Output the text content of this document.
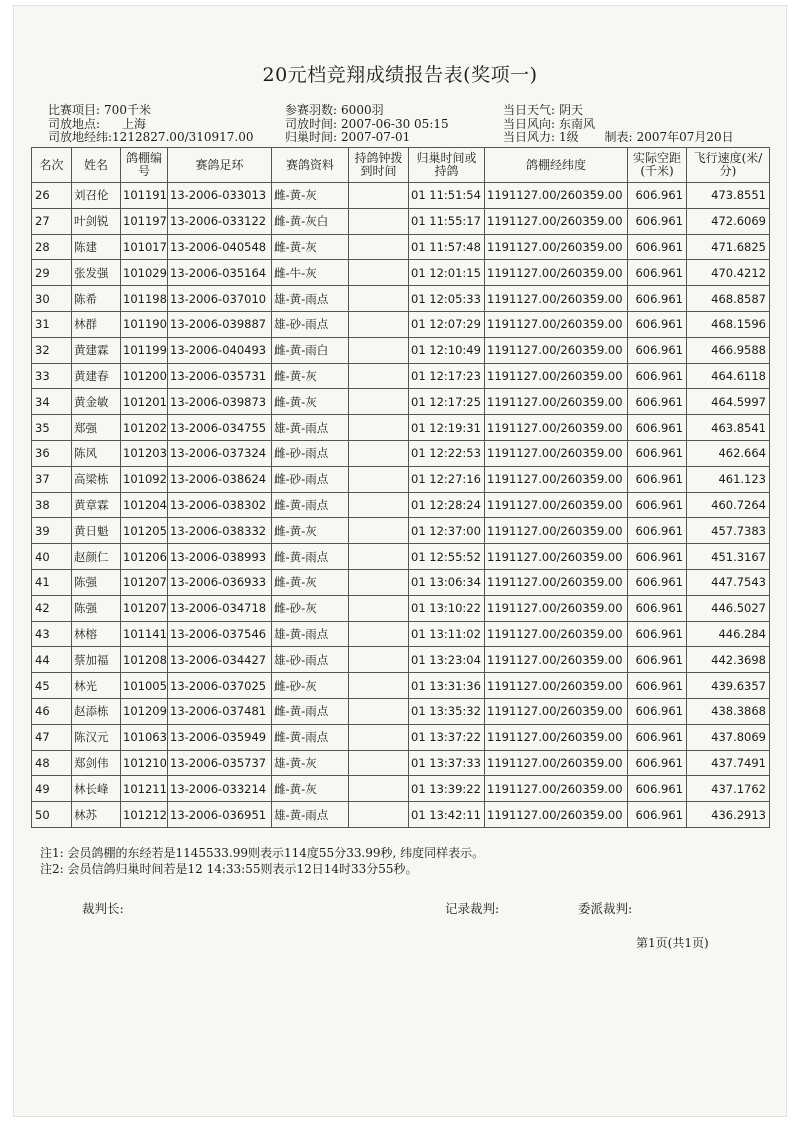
20元档竞翔成绩报告表(奖项一)
比赛项目: 700千米
司放地点: 上海
司放地经纬:1212827.00/310917.00
参赛羽数: 6000羽
司放时间: 2007-06-30 05:15
归巢时间: 2007-07-01
当日天气: 阴天
当日风向: 东南风
当日风力: 1级 制表: 2007年07月20日
名次	姓名	鸽棚编号	赛鸽足环	赛鸽资料	持鸽钟拨到时间	归巢时间或持鸽	鸽棚经纬度	实际空距(千米)	飞行速度(米/分)
26	刘召伦	101191	13-2006-033013	雌-黄-灰		01 11:51:54	1191127.00/260359.00	606.961	473.8551
27	叶剑锐	101197	13-2006-033122	雌-黄-灰白		01 11:55:17	1191127.00/260359.00	606.961	472.6069
28	陈建	101017	13-2006-040548	雌-黄-灰		01 11:57:48	1191127.00/260359.00	606.961	471.6825
29	张发强	101029	13-2006-035164	雌-牛-灰		01 12:01:15	1191127.00/260359.00	606.961	470.4212
30	陈希	101198	13-2006-037010	雄-黄-雨点		01 12:05:33	1191127.00/260359.00	606.961	468.8587
31	林群	101190	13-2006-039887	雄-砂-雨点		01 12:07:29	1191127.00/260359.00	606.961	468.1596
32	黄建霖	101199	13-2006-040493	雌-黄-雨白		01 12:10:49	1191127.00/260359.00	606.961	466.9588
33	黄建春	101200	13-2006-035731	雌-黄-灰		01 12:17:23	1191127.00/260359.00	606.961	464.6118
34	黄金敏	101201	13-2006-039873	雌-黄-灰		01 12:17:25	1191127.00/260359.00	606.961	464.5997
35	郑强	101202	13-2006-034755	雄-黄-雨点		01 12:19:31	1191127.00/260359.00	606.961	463.8541
36	陈风	101203	13-2006-037324	雌-砂-雨点		01 12:22:53	1191127.00/260359.00	606.961	462.664
37	高梁栋	101092	13-2006-038624	雌-砂-雨点		01 12:27:16	1191127.00/260359.00	606.961	461.123
38	黄章霖	101204	13-2006-038302	雌-黄-雨点		01 12:28:24	1191127.00/260359.00	606.961	460.7264
39	黄日魁	101205	13-2006-038332	雌-黄-灰		01 12:37:00	1191127.00/260359.00	606.961	457.7383
40	赵颜仁	101206	13-2006-038993	雌-黄-雨点		01 12:55:52	1191127.00/260359.00	606.961	451.3167
41	陈强	101207	13-2006-036933	雌-黄-灰		01 13:06:34	1191127.00/260359.00	606.961	447.7543
42	陈强	101207	13-2006-034718	雌-砂-灰		01 13:10:22	1191127.00/260359.00	606.961	446.5027
43	林榕	101141	13-2006-037546	雄-黄-雨点		01 13:11:02	1191127.00/260359.00	606.961	446.284
44	蔡加福	101208	13-2006-034427	雄-砂-雨点		01 13:23:04	1191127.00/260359.00	606.961	442.3698
45	林光	101005	13-2006-037025	雌-砂-灰		01 13:31:36	1191127.00/260359.00	606.961	439.6357
46	赵添栋	101209	13-2006-037481	雌-黄-雨点		01 13:35:32	1191127.00/260359.00	606.961	438.3868
47	陈汉元	101063	13-2006-035949	雌-黄-雨点		01 13:37:22	1191127.00/260359.00	606.961	437.8069
48	郑剑伟	101210	13-2006-035737	雄-黄-灰		01 13:37:33	1191127.00/260359.00	606.961	437.7491
49	林长峰	101211	13-2006-033214	雌-黄-灰		01 13:39:22	1191127.00/260359.00	606.961	437.1762
50	林苏	101212	13-2006-036951	雄-黄-雨点		01 13:42:11	1191127.00/260359.00	606.961	436.2913
注1: 会员鸽棚的东经若是1145533.99则表示114度55分33.99秒, 纬度同样表示。
注2: 会员信鸽归巢时间若是12 14:33:55则表示12日14时33分55秒。
裁判长:	记录裁判:	委派裁判:
第1页(共1页)
